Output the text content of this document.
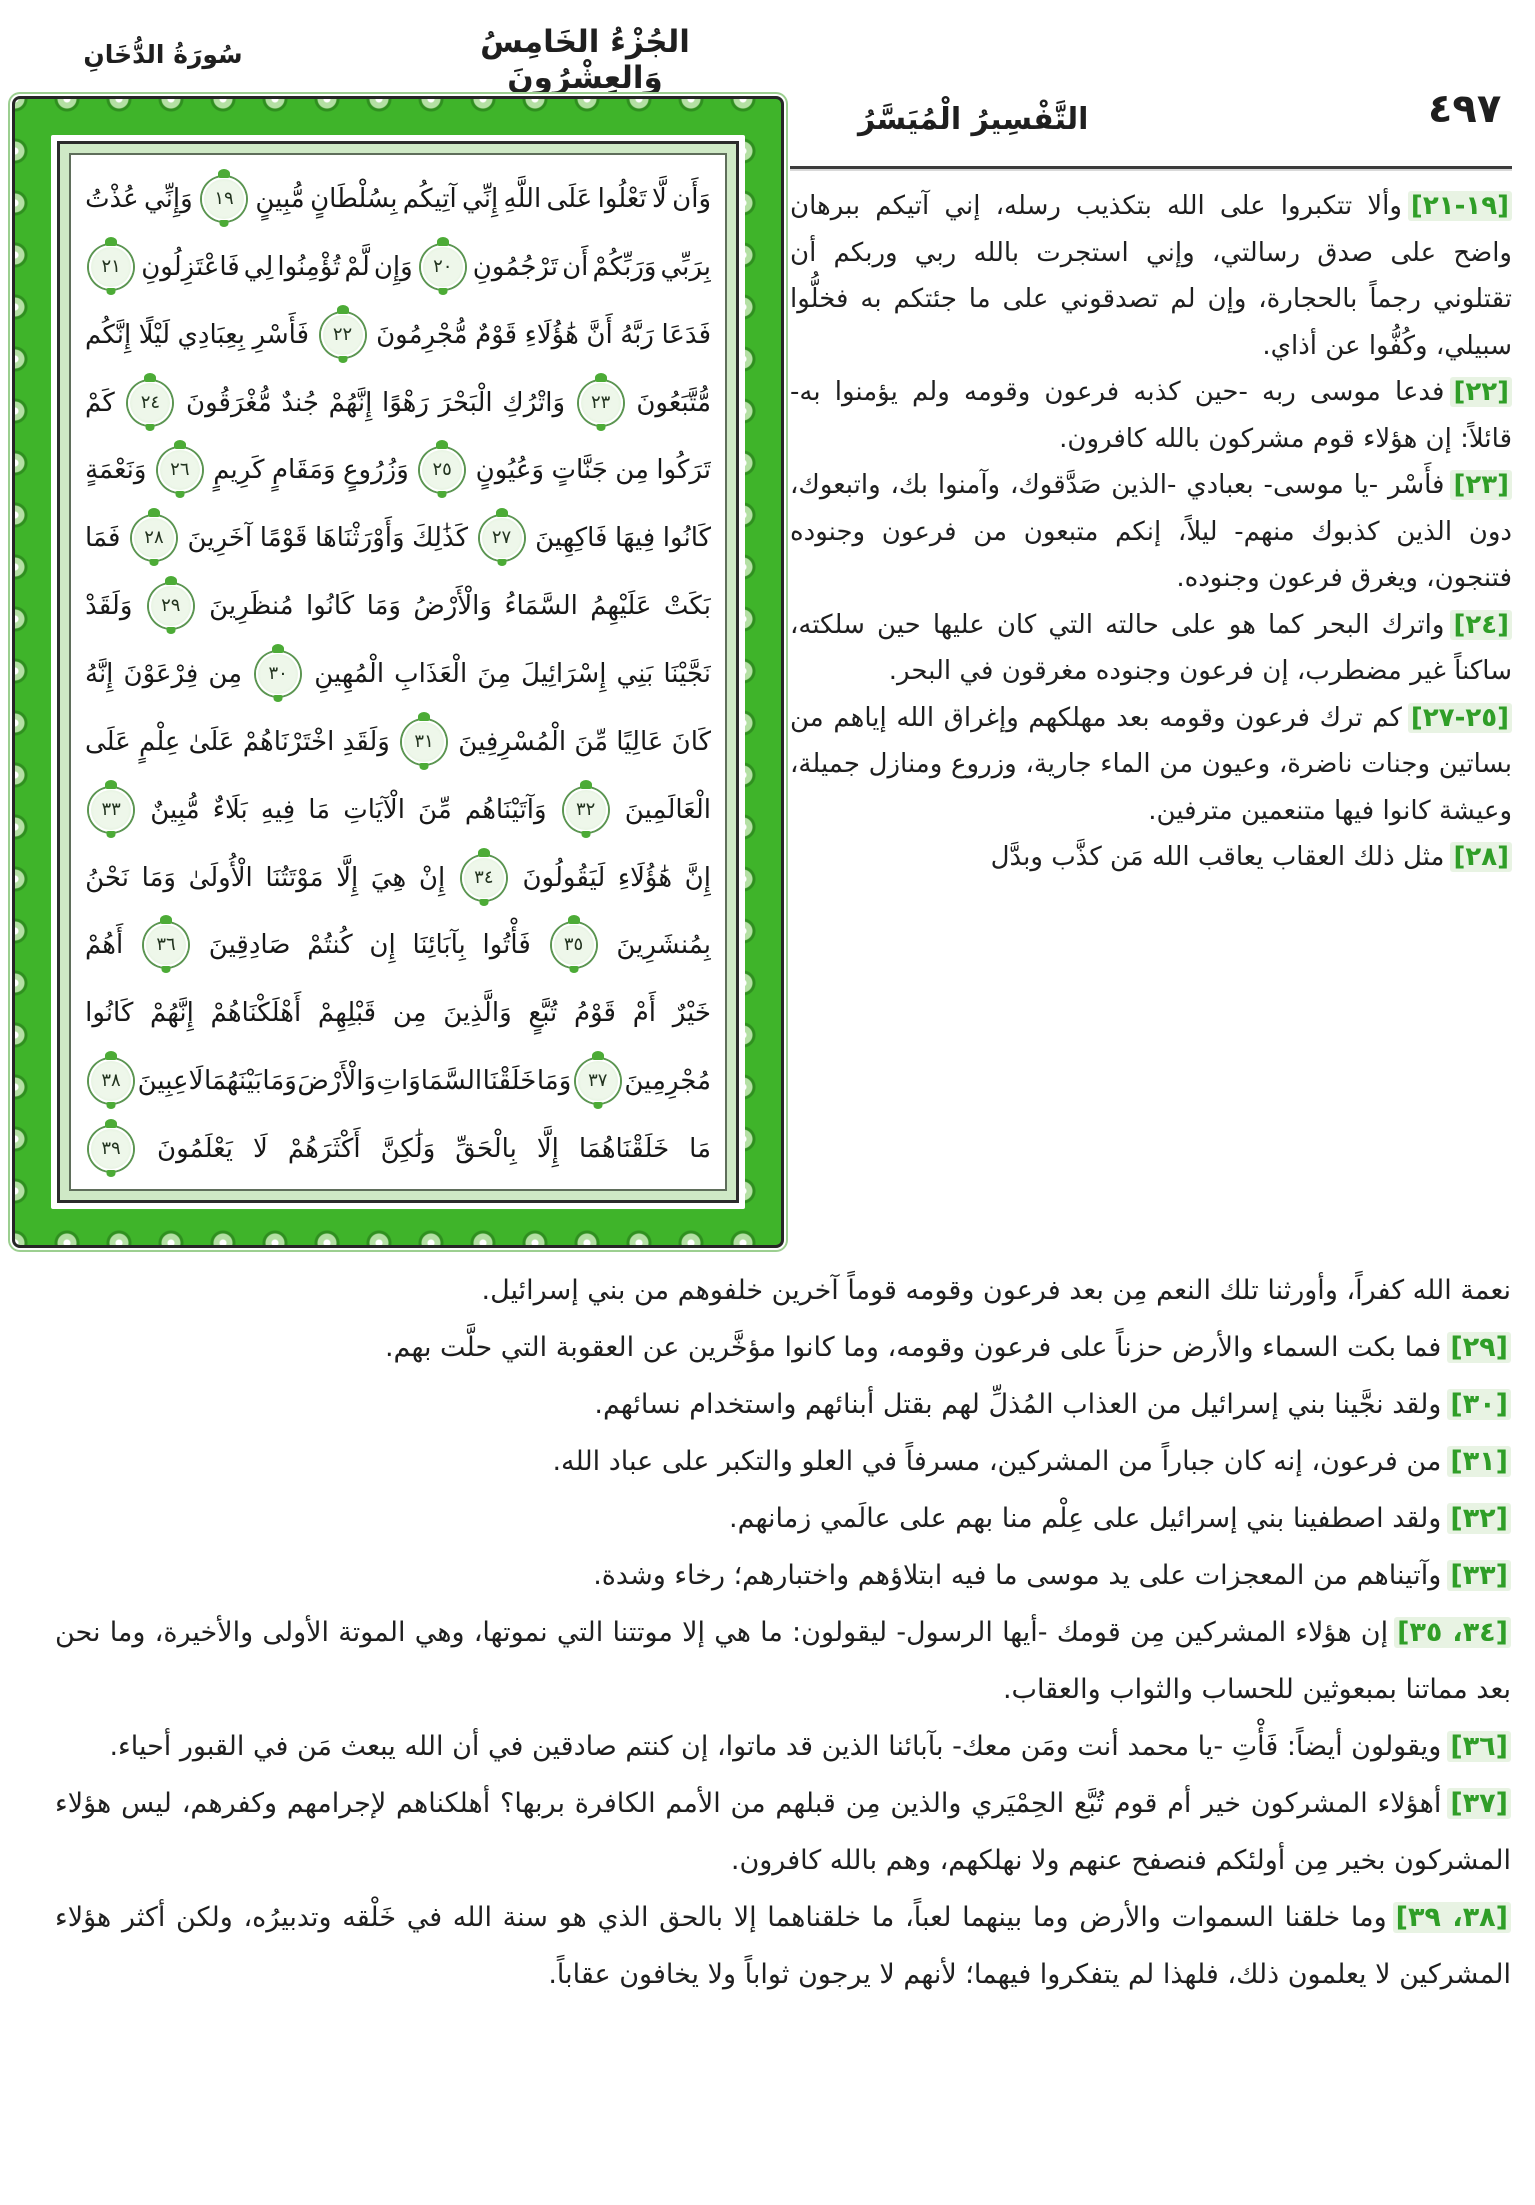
الجُزْءُ الخَامِسُ وَالعِشْرُونَ
سُورَةُ الدُّخَانِ
التَّفْسِيرُ الْمُيَسَّرُ	٤٩٧
وَأَن
لَّا
تَعْلُوا
عَلَى
اللَّهِ
إِنِّي
آتِيكُم
بِسُلْطَانٍ
مُّبِينٍ
١٩
وَإِنِّي
عُذْتُ
بِرَبِّي
وَرَبِّكُمْ
أَن
تَرْجُمُونِ
٢٠
وَإِن
لَّمْ
تُؤْمِنُوا
لِي
فَاعْتَزِلُونِ
٢١
فَدَعَا
رَبَّهُ
أَنَّ
هَٰؤُلَاءِ
قَوْمٌ
مُّجْرِمُونَ
٢٢
فَأَسْرِ
بِعِبَادِي
لَيْلًا
إِنَّكُم
مُّتَّبَعُونَ
٢٣
وَاتْرُكِ
الْبَحْرَ
رَهْوًا
إِنَّهُمْ
جُندٌ
مُّغْرَقُونَ
٢٤
كَمْ
تَرَكُوا
مِن
جَنَّاتٍ
وَعُيُونٍ
٢٥
وَزُرُوعٍ
وَمَقَامٍ
كَرِيمٍ
٢٦
وَنَعْمَةٍ
كَانُوا
فِيهَا
فَاكِهِينَ
٢٧
كَذَٰلِكَ
وَأَوْرَثْنَاهَا
قَوْمًا
آخَرِينَ
٢٨
فَمَا
بَكَتْ
عَلَيْهِمُ
السَّمَاءُ
وَالْأَرْضُ
وَمَا
كَانُوا
مُنظَرِينَ
٢٩
وَلَقَدْ
نَجَّيْنَا
بَنِي
إِسْرَائِيلَ
مِنَ
الْعَذَابِ
الْمُهِينِ
٣٠
مِن
فِرْعَوْنَ
إِنَّهُ
كَانَ
عَالِيًا
مِّنَ
الْمُسْرِفِينَ
٣١
وَلَقَدِ
اخْتَرْنَاهُمْ
عَلَىٰ
عِلْمٍ
عَلَى
الْعَالَمِينَ
٣٢
وَآتَيْنَاهُم
مِّنَ
الْآيَاتِ
مَا
فِيهِ
بَلَاءٌ
مُّبِينٌ
٣٣
إِنَّ
هَٰؤُلَاءِ
لَيَقُولُونَ
٣٤
إِنْ
هِيَ
إِلَّا
مَوْتَتُنَا
الْأُولَىٰ
وَمَا
نَحْنُ
بِمُنشَرِينَ
٣٥
فَأْتُوا
بِآبَائِنَا
إِن
كُنتُمْ
صَادِقِينَ
٣٦
أَهُمْ
خَيْرٌ
أَمْ
قَوْمُ
تُبَّعٍ
وَالَّذِينَ
مِن
قَبْلِهِمْ
أَهْلَكْنَاهُمْ
إِنَّهُمْ
كَانُوا
مُجْرِمِينَ
٣٧
وَمَا
خَلَقْنَا
السَّمَاوَاتِ
وَالْأَرْضَ
وَمَا
بَيْنَهُمَا
لَاعِبِينَ
٣٨
مَا
خَلَقْنَاهُمَا
إِلَّا
بِالْحَقِّ
وَلَٰكِنَّ
أَكْثَرَهُمْ
لَا
يَعْلَمُونَ
٣٩

[١٩-٢١]وألا تتكبروا على الله بتكذيب رسله، إني آتيكم ببرهان واضح على صدق رسالتي، وإني استجرت بالله ربي وربكم أن تقتلوني رجماً بالحجارة، وإن لم تصدقوني على ما جئتكم به فخلُّوا سبيلي، وكُفُّوا عن أذاي.

[٢٢]فدعا موسى ربه -حين كذبه فرعون وقومه ولم يؤمنوا به- قائلاً: إن هؤلاء قوم مشركون بالله كافرون.

[٢٣]فأَسْر -يا موسى- بعبادي -الذين صَدَّقوك، وآمنوا بك، واتبعوك، دون الذين كذبوك منهم- ليلاً، إنكم متبعون من فرعون وجنوده فتنجون، ويغرق فرعون وجنوده.

[٢٤]واترك البحر كما هو على حالته التي كان عليها حين سلكته، ساكناً غير مضطرب، إن فرعون وجنوده مغرقون في البحر.

[٢٥-٢٧]كم ترك فرعون وقومه بعد مهلكهم وإغراق الله إياهم من بساتين وجنات ناضرة، وعيون من الماء جارية، وزروع ومنازل جميلة، وعيشة كانوا فيها متنعمين مترفين.

[٢٨]مثل ذلك العقاب يعاقب الله مَن كذَّب وبدَّل

نعمة الله كفراً، وأورثنا تلك النعم مِن بعد فرعون وقومه قوماً آخرين خلفوهم من بني إسرائيل.

[٢٩]فما بكت السماء والأرض حزناً على فرعون وقومه، وما كانوا مؤخَّرين عن العقوبة التي حلَّت بهم.

[٣٠]ولقد نجَّينا بني إسرائيل من العذاب المُذلِّ لهم بقتل أبنائهم واستخدام نسائهم.

[٣١]من فرعون، إنه كان جباراً من المشركين، مسرفاً في العلو والتكبر على عباد الله.

[٣٢]ولقد اصطفينا بني إسرائيل على عِلْم منا بهم على عالَمي زمانهم.

[٣٣]وآتيناهم من المعجزات على يد موسى ما فيه ابتلاؤهم واختبارهم؛ رخاء وشدة.

[٣٤، ٣٥]إن هؤلاء المشركين مِن قومك -أيها الرسول- ليقولون: ما هي إلا موتتنا التي نموتها، وهي الموتة الأولى والأخيرة، وما نحن بعد مماتنا بمبعوثين للحساب والثواب والعقاب.

[٣٦]ويقولون أيضاً: فَأْتِ -يا محمد أنت ومَن معك- بآبائنا الذين قد ماتوا، إن كنتم صادقين في أن الله يبعث مَن في القبور أحياء.

[٣٧]أهؤلاء المشركون خير أم قوم تُبَّع الحِمْيَري والذين مِن قبلهم من الأمم الكافرة بربها؟ أهلكناهم لإجرامهم وكفرهم، ليس هؤلاء المشركون بخير مِن أولئكم فنصفح عنهم ولا نهلكهم، وهم بالله كافرون.

[٣٨، ٣٩]وما خلقنا السموات والأرض وما بينهما لعباً، ما خلقناهما إلا بالحق الذي هو سنة الله في خَلْقه وتدبيرُه، ولكن أكثر هؤلاء المشركين لا يعلمون ذلك، فلهذا لم يتفكروا فيهما؛ لأنهم لا يرجون ثواباً ولا يخافون عقاباً.
